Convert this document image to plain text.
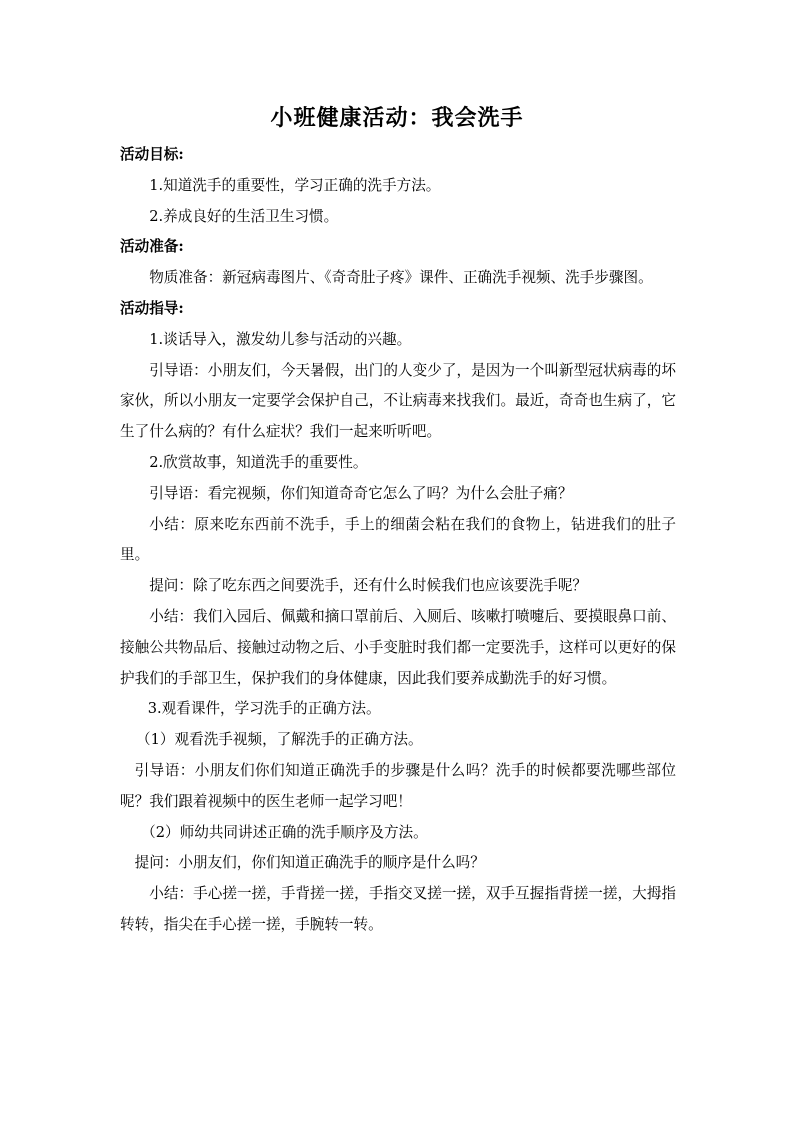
小班健康活动：我会洗手

活动目标:

1.知道洗手的重要性，学习正确的洗手方法。

2.养成良好的生活卫生习惯。

活动准备:

物质准备：新冠病毒图片、《奇奇肚子疼》课件、正确洗手视频、洗手步骤图。

活动指导:

1.谈话导入，激发幼儿参与活动的兴趣。

引导语：小朋友们，今天暑假，出门的人变少了，是因为一个叫新型冠状病毒的坏家伙，所以小朋友一定要学会保护自己，不让病毒来找我们。最近，奇奇也生病了，它生了什么病的？有什么症状？我们一起来听听吧。

2.欣赏故事，知道洗手的重要性。

引导语：看完视频，你们知道奇奇它怎么了吗？为什么会肚子痛？

小结：原来吃东西前不洗手，手上的细菌会粘在我们的食物上，钻进我们的肚子里。

提问：除了吃东西之间要洗手，还有什么时候我们也应该要洗手呢？

小结：我们入园后、佩戴和摘口罩前后、入厕后、咳嗽打喷嚏后、要摸眼鼻口前、接触公共物品后、接触过动物之后、小手变脏时我们都一定要洗手，这样可以更好的保护我们的手部卫生，保护我们的身体健康，因此我们要养成勤洗手的好习惯。

3.观看课件，学习洗手的正确方法。

（1）观看洗手视频，了解洗手的正确方法。

引导语：小朋友们你们知道正确洗手的步骤是什么吗？洗手的时候都要洗哪些部位呢？我们跟着视频中的医生老师一起学习吧！

（2）师幼共同讲述正确的洗手顺序及方法。

提问：小朋友们，你们知道正确洗手的顺序是什么吗？

小结：手心搓一搓，手背搓一搓，手指交叉搓一搓，双手互握指背搓一搓，大拇指转转，指尖在手心搓一搓，手腕转一转。
